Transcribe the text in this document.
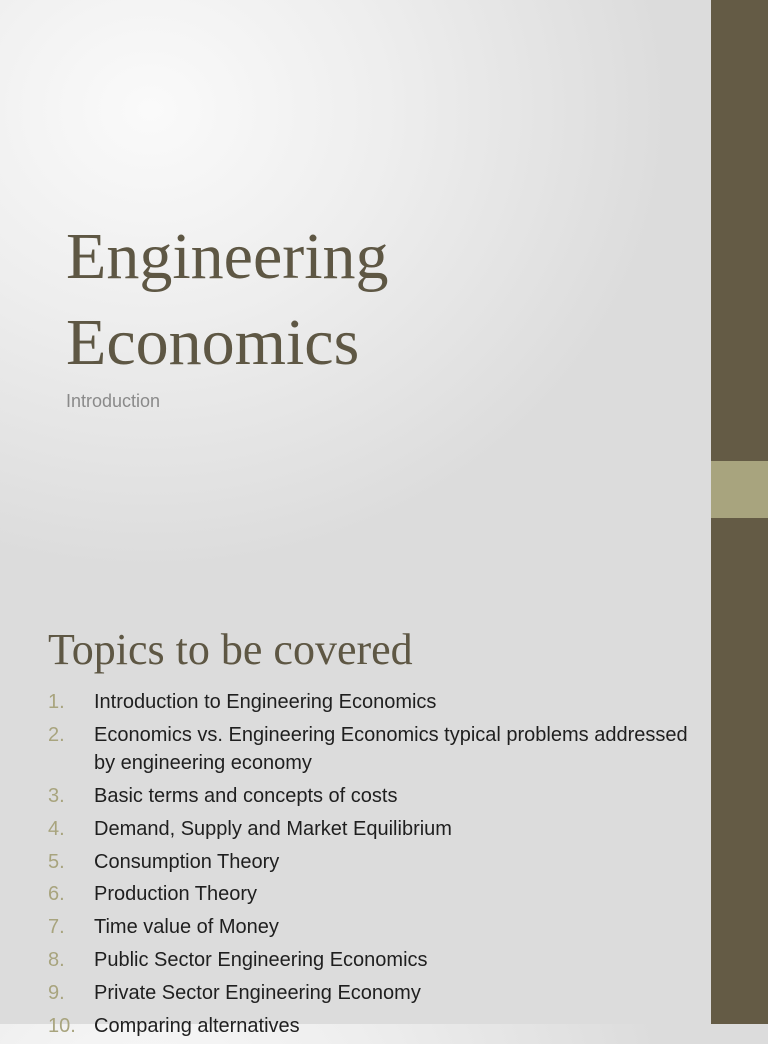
Engineering
Economics
Introduction
Topics to be covered
1.	Introduction to Engineering Economics
2.	Economics vs. Engineering Economics typical problems addressed by engineering economy
3.	Basic terms and concepts of costs
4.	Demand, Supply and Market Equilibrium
5.	Consumption Theory
6.	Production Theory
7.	Time value of Money
8.	Public Sector Engineering Economics
9.	Private Sector Engineering Economy
10. Comparing alternatives
